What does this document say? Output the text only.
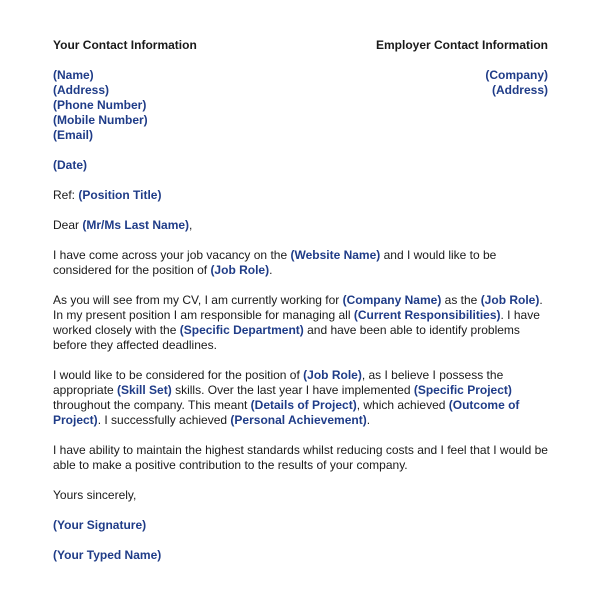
Your Contact Information	Employer Contact Information
(Name)
(Address)
(Phone Number)
(Mobile Number)
(Email)
(Company)
(Address)
(Date)
Ref: (Position Title)
Dear (Mr/Ms Last Name),

I have come across your job vacancy on the (Website Name) and I would like to be considered for the position of (Job Role).

As you will see from my CV, I am currently working for (Company Name) as the (Job Role). In my present position I am responsible for managing all (Current Responsibilities). I have worked closely with the (Specific Department) and have been able to identify problems before they affected deadlines.

I would like to be considered for the position of (Job Role), as I believe I possess the appropriate (Skill Set) skills. Over the last year I have implemented (Specific Project) throughout the company. This meant (Details of Project), which achieved (Outcome of Project). I successfully achieved (Personal Achievement).

I have ability to maintain the highest standards whilst reducing costs and I feel that I would be able to make a positive contribution to the results of your company.

Yours sincerely,
(Your Signature)
(Your Typed Name)
